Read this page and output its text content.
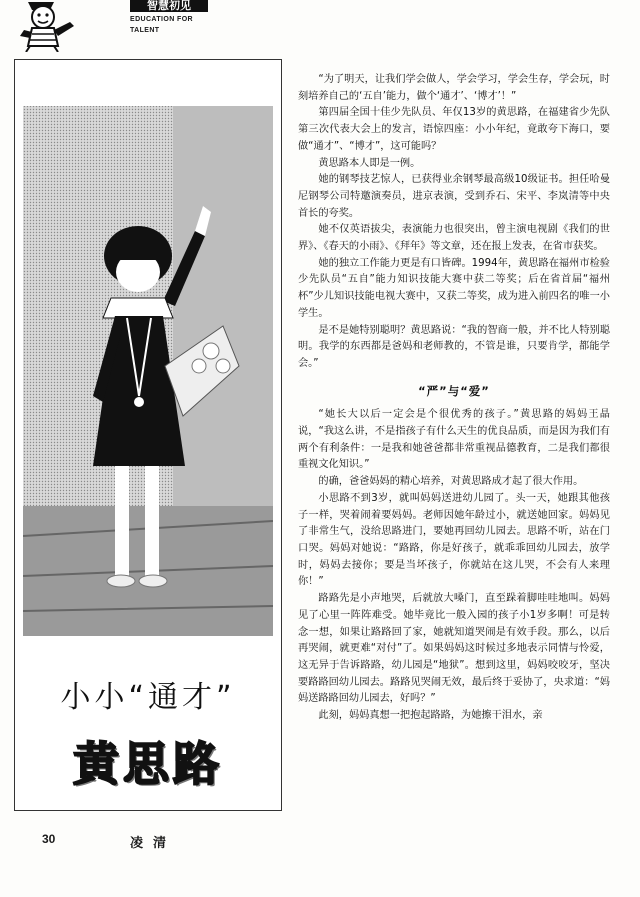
智慧初见
EDUCATION FOR
TALENT
小小“通才”
黄思路
凌清

“为了明天，让我们学会做人，学会学习，学会生存，学会玩，时刻培养自己的‘五自’能力，做个‘通才’、‘博才’！”

第四届全国十佳少先队员、年仅13岁的黄思路，在福建省少先队第三次代表大会上的发言，语惊四座：小小年纪，竟敢夸下海口，要做“通才”、“博才”，这可能吗？

黄思路本人即是一例。

她的钢琴技艺惊人，已获得业余钢琴最高级10级证书。担任哈曼尼钢琴公司特邀演奏员，进京表演，受到乔石、宋平、李岚清等中央首长的夸奖。

她不仅英语拔尖，表演能力也很突出，曾主演电视剧《我们的世界》、《春天的小雨》、《拜年》等文章，还在报上发表，在省市获奖。

她的独立工作能力更是有口皆碑。1994年，黄思路在福州市检验少先队员“五自”能力知识技能大赛中获二等奖；后在省首届“福州杯”少儿知识技能电视大赛中，又获二等奖，成为进入前四名的唯一小学生。

是不是她特别聪明？黄思路说：“我的智商一般，并不比人特别聪明。我学的东西都是爸妈和老师教的，不管是谁，只要肯学，都能学会。”

“严”与“爱”

“她长大以后一定会是个很优秀的孩子。”黄思路的妈妈王晶说，“我这么讲，不是指孩子有什么天生的优良品质，而是因为我们有两个有利条件：一是我和她爸爸都非常重视品德教育，二是我们都很重视文化知识。”

的确，爸爸妈妈的精心培养，对黄思路成才起了很大作用。

小思路不到3岁，就叫妈妈送进幼儿园了。头一天，她跟其他孩子一样，哭着闹着要妈妈。老师因她年龄过小，就送她回家。妈妈见了非常生气，没给思路进门，要她再回幼儿园去。思路不听，站在门口哭。妈妈对她说：“路路，你是好孩子，就乖乖回幼儿园去，放学时，妈妈去接你；要是当坏孩子，你就站在这儿哭，不会有人来理你！”

路路先是小声地哭，后就放大嗓门，直至跺着脚哇哇地叫。妈妈见了心里一阵阵难受。她毕竟比一般入园的孩子小1岁多啊！可是转念一想，如果让路路回了家，她就知道哭闹是有效手段。那么，以后再哭闹，就更难“对付”了。如果妈妈这时候过多地表示同情与怜爱，这无异于告诉路路，幼儿园是“地狱”。想到这里，妈妈咬咬牙，坚决要路路回幼儿园去。路路见哭闹无效，最后终于妥协了，央求道：“妈妈送路路回幼儿园去，好吗？”

此刻，妈妈真想一把抱起路路，为她擦干泪水，亲

30
